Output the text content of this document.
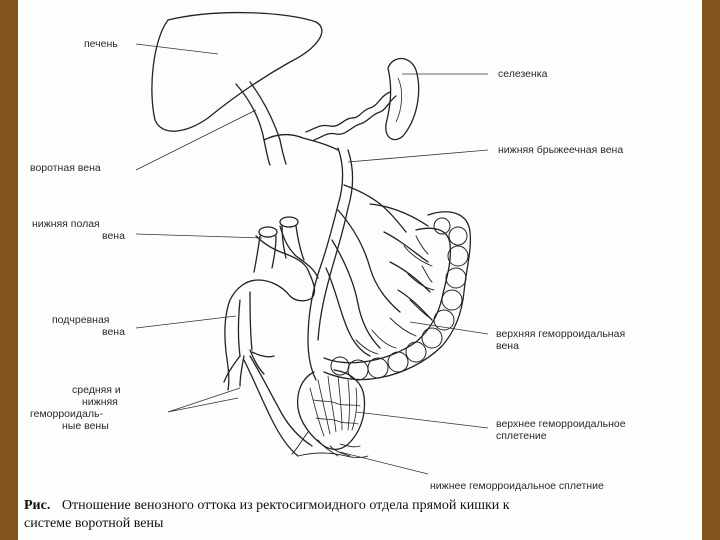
печень
селезенка
воротная вена
нижняя брыжеечная вена
нижняя полая
вена
подчревная
вена
средняя и
нижняя
геморроидаль-
ные вены
верхняя геморроидальная
вена
верхнее геморроидальное
сплетение
нижнее геморроидальное сплетние
Рис. Отношение венозного оттока из ректосигмоидного отдела прямой кишки к
системе воротной вены
